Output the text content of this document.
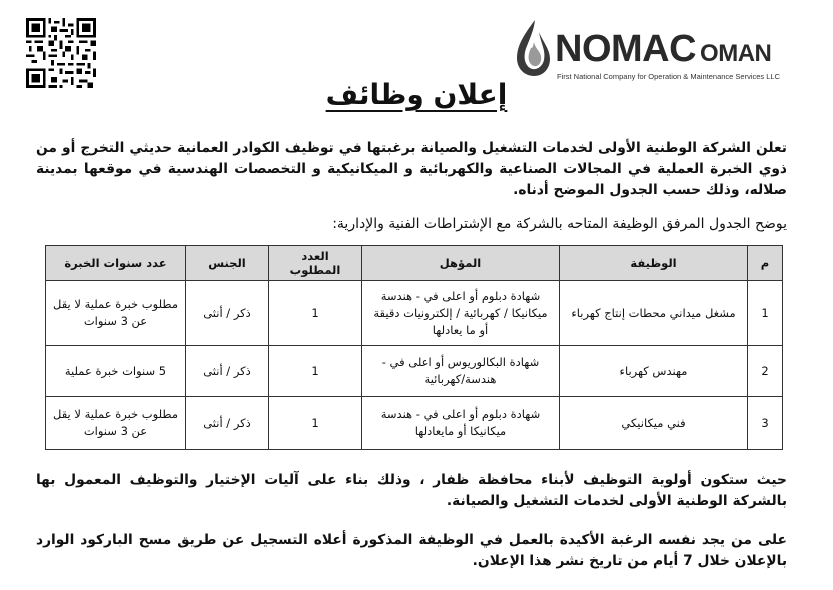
NOMAC OMAN
First National Company for Operation & Maintenance Services LLC
إعلان وظائف
تعلن الشركة الوطنية الأولى لخدمات التشغيل والصيانة برغبتها في توظيف الكوادر العمانية حديثي التخرج أو من ذوي الخبرة العملية في المجالات الصناعية والكهربائية و الميكانيكية و التخصصات الهندسية في موقعها بمدينة صلاله، وذلك حسب الجدول الموضح أدناه.
يوضح الجدول المرفق الوظيفة المتاحه بالشركة مع الإشتراطات الفنية والإدارية:
م	الوظيفة	المؤهل	العدد المطلوب	الجنس	عدد سنوات الخبرة
1	مشغل ميداني محطات إنتاج كهرباء	شهادة دبلوم أو اعلى في - هندسة ميكانيكا / كهربائية / إلكترونيات دقيقة أو ما يعادلها	1	ذكر / أنثى	مطلوب خبرة عملية لا يقل عن 3 سنوات
2	مهندس كهرباء	شهادة البكالوريوس أو اعلى في - هندسة/كهربائية	1	ذكر / أنثى	5 سنوات خبرة عملية
3	فني ميكانيكي	شهادة دبلوم أو اعلى في - هندسة ميكانيكا أو مايعادلها	1	ذكر / أنثى	مطلوب خبرة عملية لا يقل عن 3 سنوات
حيث ستكون أولوية التوظيف لأبناء محافظة ظفار ، وذلك بناء على آليات الإختيار والتوظيف المعمول بها بالشركة الوطنية الأولى لخدمات التشغيل والصيانة.
على من يجد نفسه الرغبة الأكيدة بالعمل في الوظيفة المذكورة أعلاه التسجيل عن طريق مسح الباركود الوارد بالإعلان خلال 7 أيام من تاريخ نشر هذا الإعلان.
